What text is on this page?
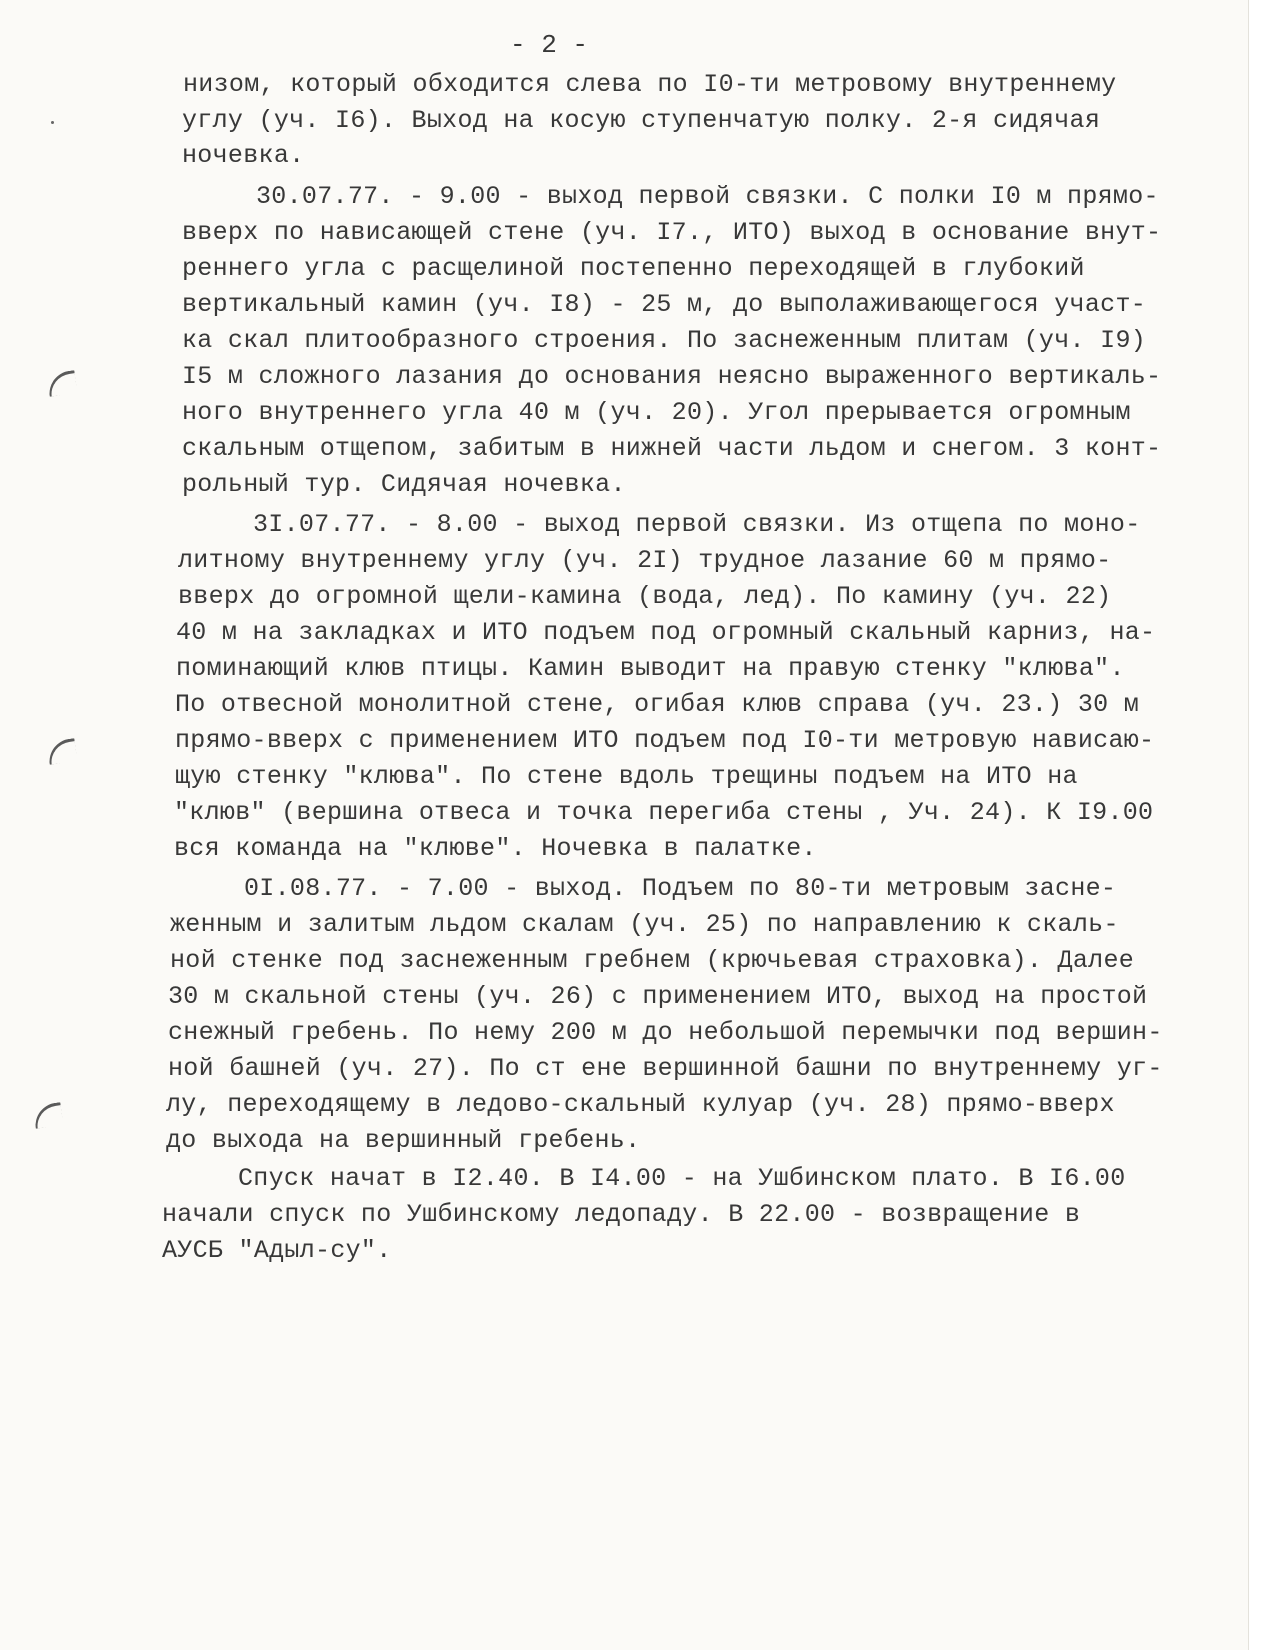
- 2 -
низом, который обходится слева по I0-ти метровому внутреннему
углу (уч. I6). Выход на косую ступенчатую полку. 2-я сидячая
ночевка.
30.07.77. - 9.00 - выход первой связки. С полки I0 м прямо-
вверх по нависающей стене (уч. I7., ИТО) выход в основание внут-
реннего угла с расщелиной постепенно переходящей в глубокий
вертикальный камин (уч. I8) - 25 м, до выполаживающегося участ-
ка скал плитообразного строения. По заснеженным плитам (уч. I9)
I5 м сложного лазания до основания неясно выраженного вертикаль-
ного внутреннего угла 40 м (уч. 20). Угол прерывается огромным
скальным отщепом, забитым в нижней части льдом и снегом. 3 конт-
рольный тур. Сидячая ночевка.
3I.07.77. - 8.00 - выход первой связки. Из отщепа по моно-
литному внутреннему углу (уч. 2I) трудное лазание 60 м прямо-
вверх до огромной щели-камина (вода, лед). По камину (уч. 22)
40 м на закладках и ИТО подъем под огромный скальный карниз, на-
поминающий клюв птицы. Камин выводит на правую стенку "клюва".
По отвесной монолитной стене, огибая клюв справа (уч. 23.) 30 м
прямо-вверх с применением ИТО подъем под I0-ти метровую нависаю-
щую стенку "клюва". По стене вдоль трещины подъем на ИТО на
"клюв" (вершина отвеса и точка перегиба стены , Уч. 24). К I9.00
вся команда на "клюве". Ночевка в палатке.
0I.08.77. - 7.00 - выход. Подъем по 80-ти метровым засне-
женным и залитым льдом скалам (уч. 25) по направлению к скаль-
ной стенке под заснеженным гребнем (крючьевая страховка). Далее
30 м скальной стены (уч. 26) с применением ИТО, выход на простой
снежный гребень. По нему 200 м до небольшой перемычки под вершин-
ной башней (уч. 27). По ст ене вершинной башни по внутреннему уг-
лу, переходящему в ледово-скальный кулуар (уч. 28) прямо-вверх
до выхода на вершинный гребень.
Спуск начат в I2.40. В I4.00 - на Ушбинском плато. В I6.00
начали спуск по Ушбинскому ледопаду. В 22.00 - возвращение в
АУСБ "Адыл-су".
